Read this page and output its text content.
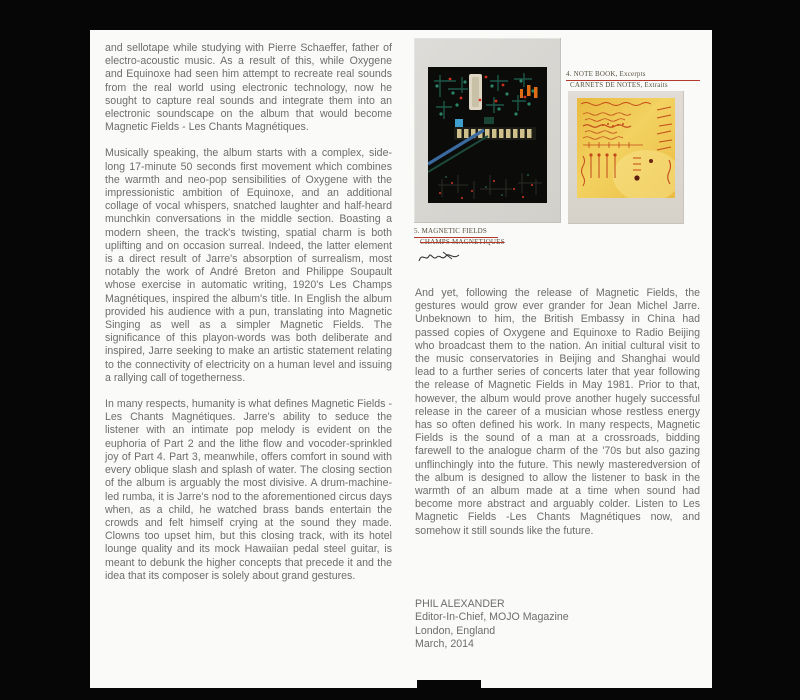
and sellotape while studying with Pierre Schaeffer, father of electro-acoustic music. As a result of this, while Oxygene and Equinoxe had seen him attempt to recreate real sounds from the real world using electronic technology, now he sought to capture real sounds and integrate them into an electronic soundscape on the album that would become Magnetic Fields - Les Chants Magnétiques.

Musically speaking, the album starts with a complex, side-long 17-minute 50 seconds first movement which combines the warmth and neo-pop sensibilities of Oxygene with the impressionistic ambition of Equinoxe, and an additional collage of vocal whispers, snatched laughter and half-heard munchkin conversations in the middle section. Boasting a modern sheen, the track's twisting, spatial charm is both uplifting and on occasion surreal. Indeed, the latter element is a direct result of Jarre's absorption of surrealism, most notably the work of André Breton and Philippe Soupault whose exercise in automatic writing, 1920's Les Champs Magnétiques, inspired the album's title. In English the album provided his audience with a pun, translating into Magnetic Singing as well as a simpler Magnetic Fields. The significance of this playon-words was both deliberate and inspired, Jarre seeking to make an artistic statement relating to the connectivity of electricity on a human level and issuing a rallying call of togetherness.

In many respects, humanity is what defines Magnetic Fields -Les Chants Magnétiques. Jarre's ability to seduce the listener with an intimate pop melody is evident on the euphoria of Part 2 and the lithe flow and vocoder-sprinkled joy of Part 4. Part 3, meanwhile, offers comfort in sound with every oblique slash and splash of water. The closing section of the album is arguably the most divisive. A drum-machine-led rumba, it is Jarre's nod to the aforementioned circus days when, as a child, he watched brass bands entertain the crowds and felt himself crying at the sound they made. Clowns too upset him, but this closing track, with its hotel lounge quality and its mock Hawaiian pedal steel guitar, is meant to debunk the higher concepts that precede it and the idea that its composer is solely about grand gestures.

5. MAGNETIC FIELDS
CHAMPS MAGNETIQUES
4. NOTE BOOK, Excerpts
CARNETS DE NOTES, Extraits

And yet, following the release of Magnetic Fields, the gestures would grow ever grander for Jean Michel Jarre. Unbeknown to him, the British Embassy in China had passed copies of Oxygene and Equinoxe to Radio Beijing who broadcast them to the nation. An initial cultural visit to the music conservatories in Beijing and Shanghai would lead to a further series of concerts later that year following the release of Magnetic Fields in May 1981. Prior to that, however, the album would prove another hugely successful release in the career of a musician whose restless energy has so often defined his work. In many respects, Magnetic Fields is the sound of a man at a crossroads, bidding farewell to the analogue charm of the '70s but also gazing unflinchingly into the future. This newly masteredversion of the album is designed to allow the listener to bask in the warmth of an album made at a time when sound had become more abstract and arguably colder. Listen to Les Magnetic Fields -Les Chants Magnétiques now, and somehow it still sounds like the future.

PHIL ALEXANDER
Editor-In-Chief, MOJO Magazine
London, England
March, 2014
